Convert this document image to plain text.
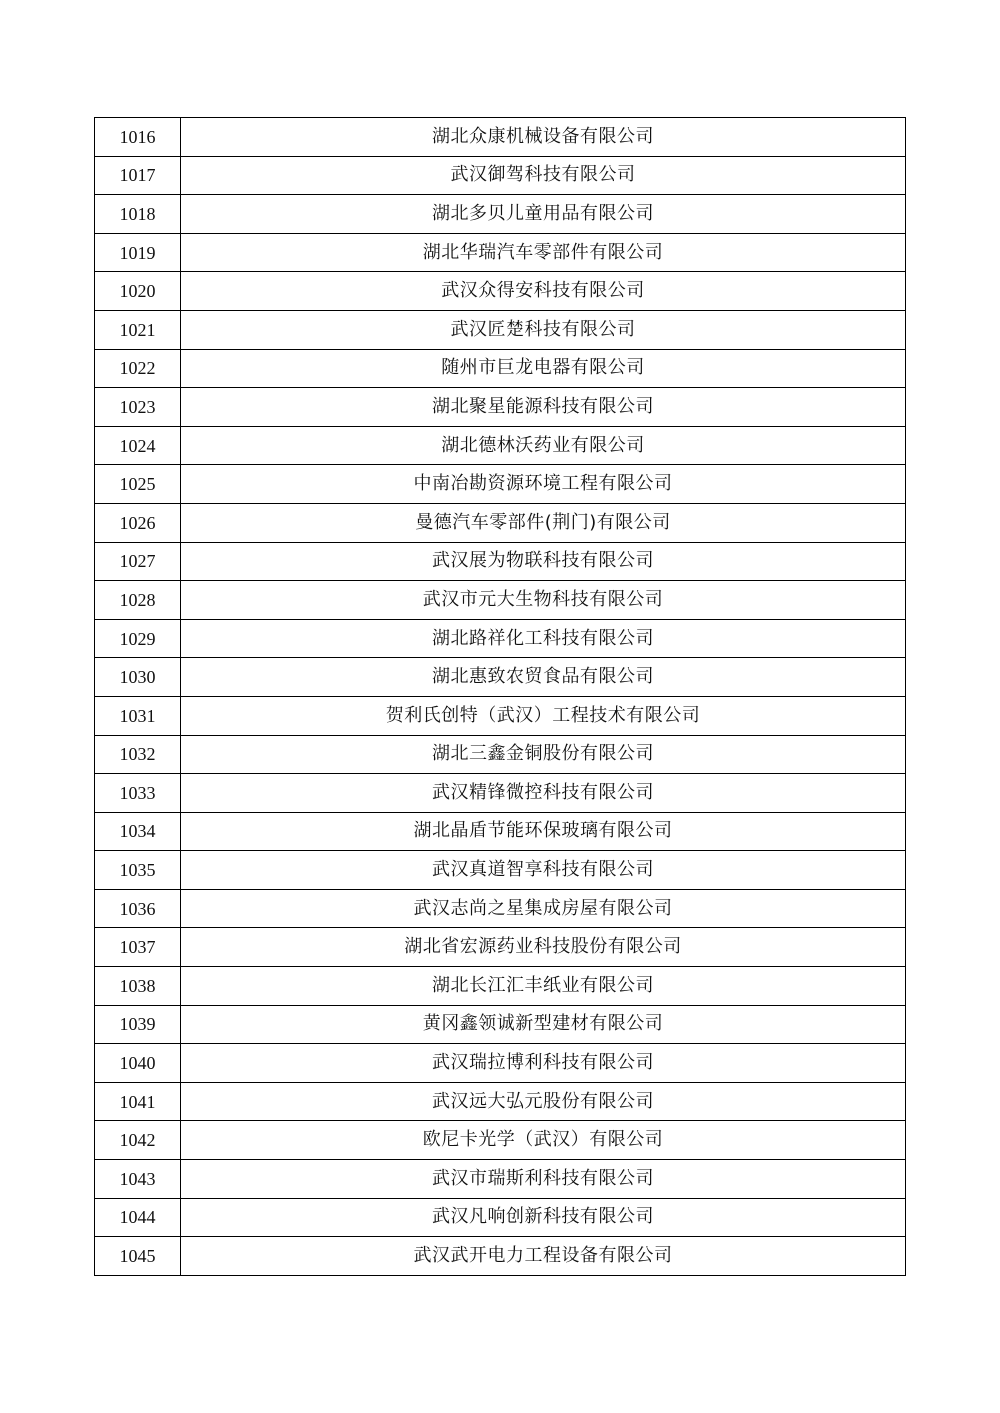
1016	湖北众康机械设备有限公司
1017	武汉御驾科技有限公司
1018	湖北多贝儿童用品有限公司
1019	湖北华瑞汽车零部件有限公司
1020	武汉众得安科技有限公司
1021	武汉匠楚科技有限公司
1022	随州市巨龙电器有限公司
1023	湖北聚星能源科技有限公司
1024	湖北德林沃药业有限公司
1025	中南冶勘资源环境工程有限公司
1026	曼德汽车零部件(荆门)有限公司
1027	武汉展为物联科技有限公司
1028	武汉市元大生物科技有限公司
1029	湖北路祥化工科技有限公司
1030	湖北惠致农贸食品有限公司
1031	贺利氏创特（武汉）工程技术有限公司
1032	湖北三鑫金铜股份有限公司
1033	武汉精锋微控科技有限公司
1034	湖北晶盾节能环保玻璃有限公司
1035	武汉真道智享科技有限公司
1036	武汉志尚之星集成房屋有限公司
1037	湖北省宏源药业科技股份有限公司
1038	湖北长江汇丰纸业有限公司
1039	黄冈鑫领诚新型建材有限公司
1040	武汉瑞拉博利科技有限公司
1041	武汉远大弘元股份有限公司
1042	欧尼卡光学（武汉）有限公司
1043	武汉市瑞斯利科技有限公司
1044	武汉凡响创新科技有限公司
1045	武汉武开电力工程设备有限公司
